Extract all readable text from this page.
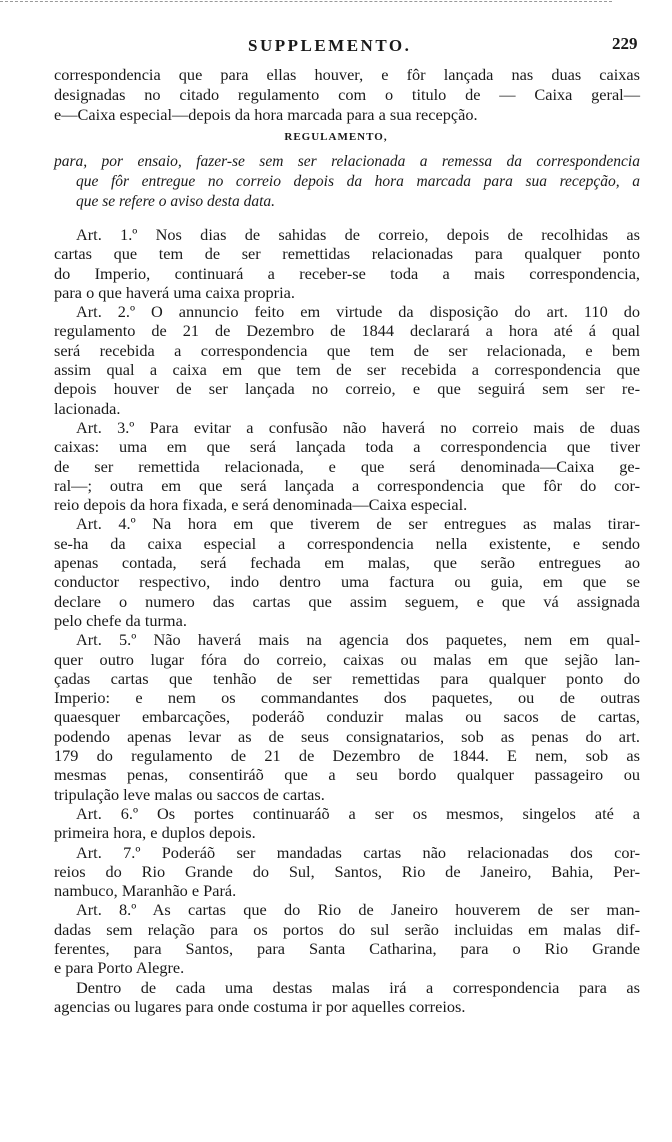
SUPPLEMENTO.	229
correspondencia que para ellas houver, e fôr lançada nas duas caixas
designadas no citado regulamento com o titulo de — Caixa geral—
e—Caixa especial—depois da hora marcada para a sua recepção.
REGULAMENTO,
para, por ensaio, fazer-se sem ser relacionada a remessa da correspondencia
que fôr entregue no correio depois da hora marcada para sua recepção, a
que se refere o aviso desta data.
Art. 1.º Nos dias de sahidas de correio, depois de recolhidas as
cartas que tem de ser remettidas relacionadas para qualquer ponto
do Imperio, continuará a receber-se toda a mais correspondencia,
para o que haverá uma caixa propria.
Art. 2.º O annuncio feito em virtude da disposição do art. 110 do
regulamento de 21 de Dezembro de 1844 declarará a hora até á qual
será recebida a correspondencia que tem de ser relacionada, e bem
assim qual a caixa em que tem de ser recebida a correspondencia que
depois houver de ser lançada no correio, e que seguirá sem ser re-
lacionada.
Art. 3.º Para evitar a confusão não haverá no correio mais de duas
caixas: uma em que será lançada toda a correspondencia que tiver
de ser remettida relacionada, e que será denominada—Caixa ge-
ral—; outra em que será lançada a correspondencia que fôr do cor-
reio depois da hora fixada, e será denominada—Caixa especial.
Art. 4.º Na hora em que tiverem de ser entregues as malas tirar-
se-ha da caixa especial a correspondencia nella existente, e sendo
apenas contada, será fechada em malas, que serão entregues ao
conductor respectivo, indo dentro uma factura ou guia, em que se
declare o numero das cartas que assim seguem, e que vá assignada
pelo chefe da turma.
Art. 5.º Não haverá mais na agencia dos paquetes, nem em qual-
quer outro lugar fóra do correio, caixas ou malas em que sejão lan-
çadas cartas que tenhão de ser remettidas para qualquer ponto do
Imperio: e nem os commandantes dos paquetes, ou de outras
quaesquer embarcações, poderáõ conduzir malas ou sacos de cartas,
podendo apenas levar as de seus consignatarios, sob as penas do art.
179 do regulamento de 21 de Dezembro de 1844. E nem, sob as
mesmas penas, consentiráõ que a seu bordo qualquer passageiro ou
tripulação leve malas ou saccos de cartas.
Art. 6.º Os portes continuaráõ a ser os mesmos, singelos até a
primeira hora, e duplos depois.
Art. 7.º Poderáõ ser mandadas cartas não relacionadas dos cor-
reios do Rio Grande do Sul, Santos, Rio de Janeiro, Bahia, Per-
nambuco, Maranhão e Pará.
Art. 8.º As cartas que do Rio de Janeiro houverem de ser man-
dadas sem relação para os portos do sul serão incluidas em malas dif-
ferentes, para Santos, para Santa Catharina, para o Rio Grande
e para Porto Alegre.
Dentro de cada uma destas malas irá a correspondencia para as
agencias ou lugares para onde costuma ir por aquelles correios.
